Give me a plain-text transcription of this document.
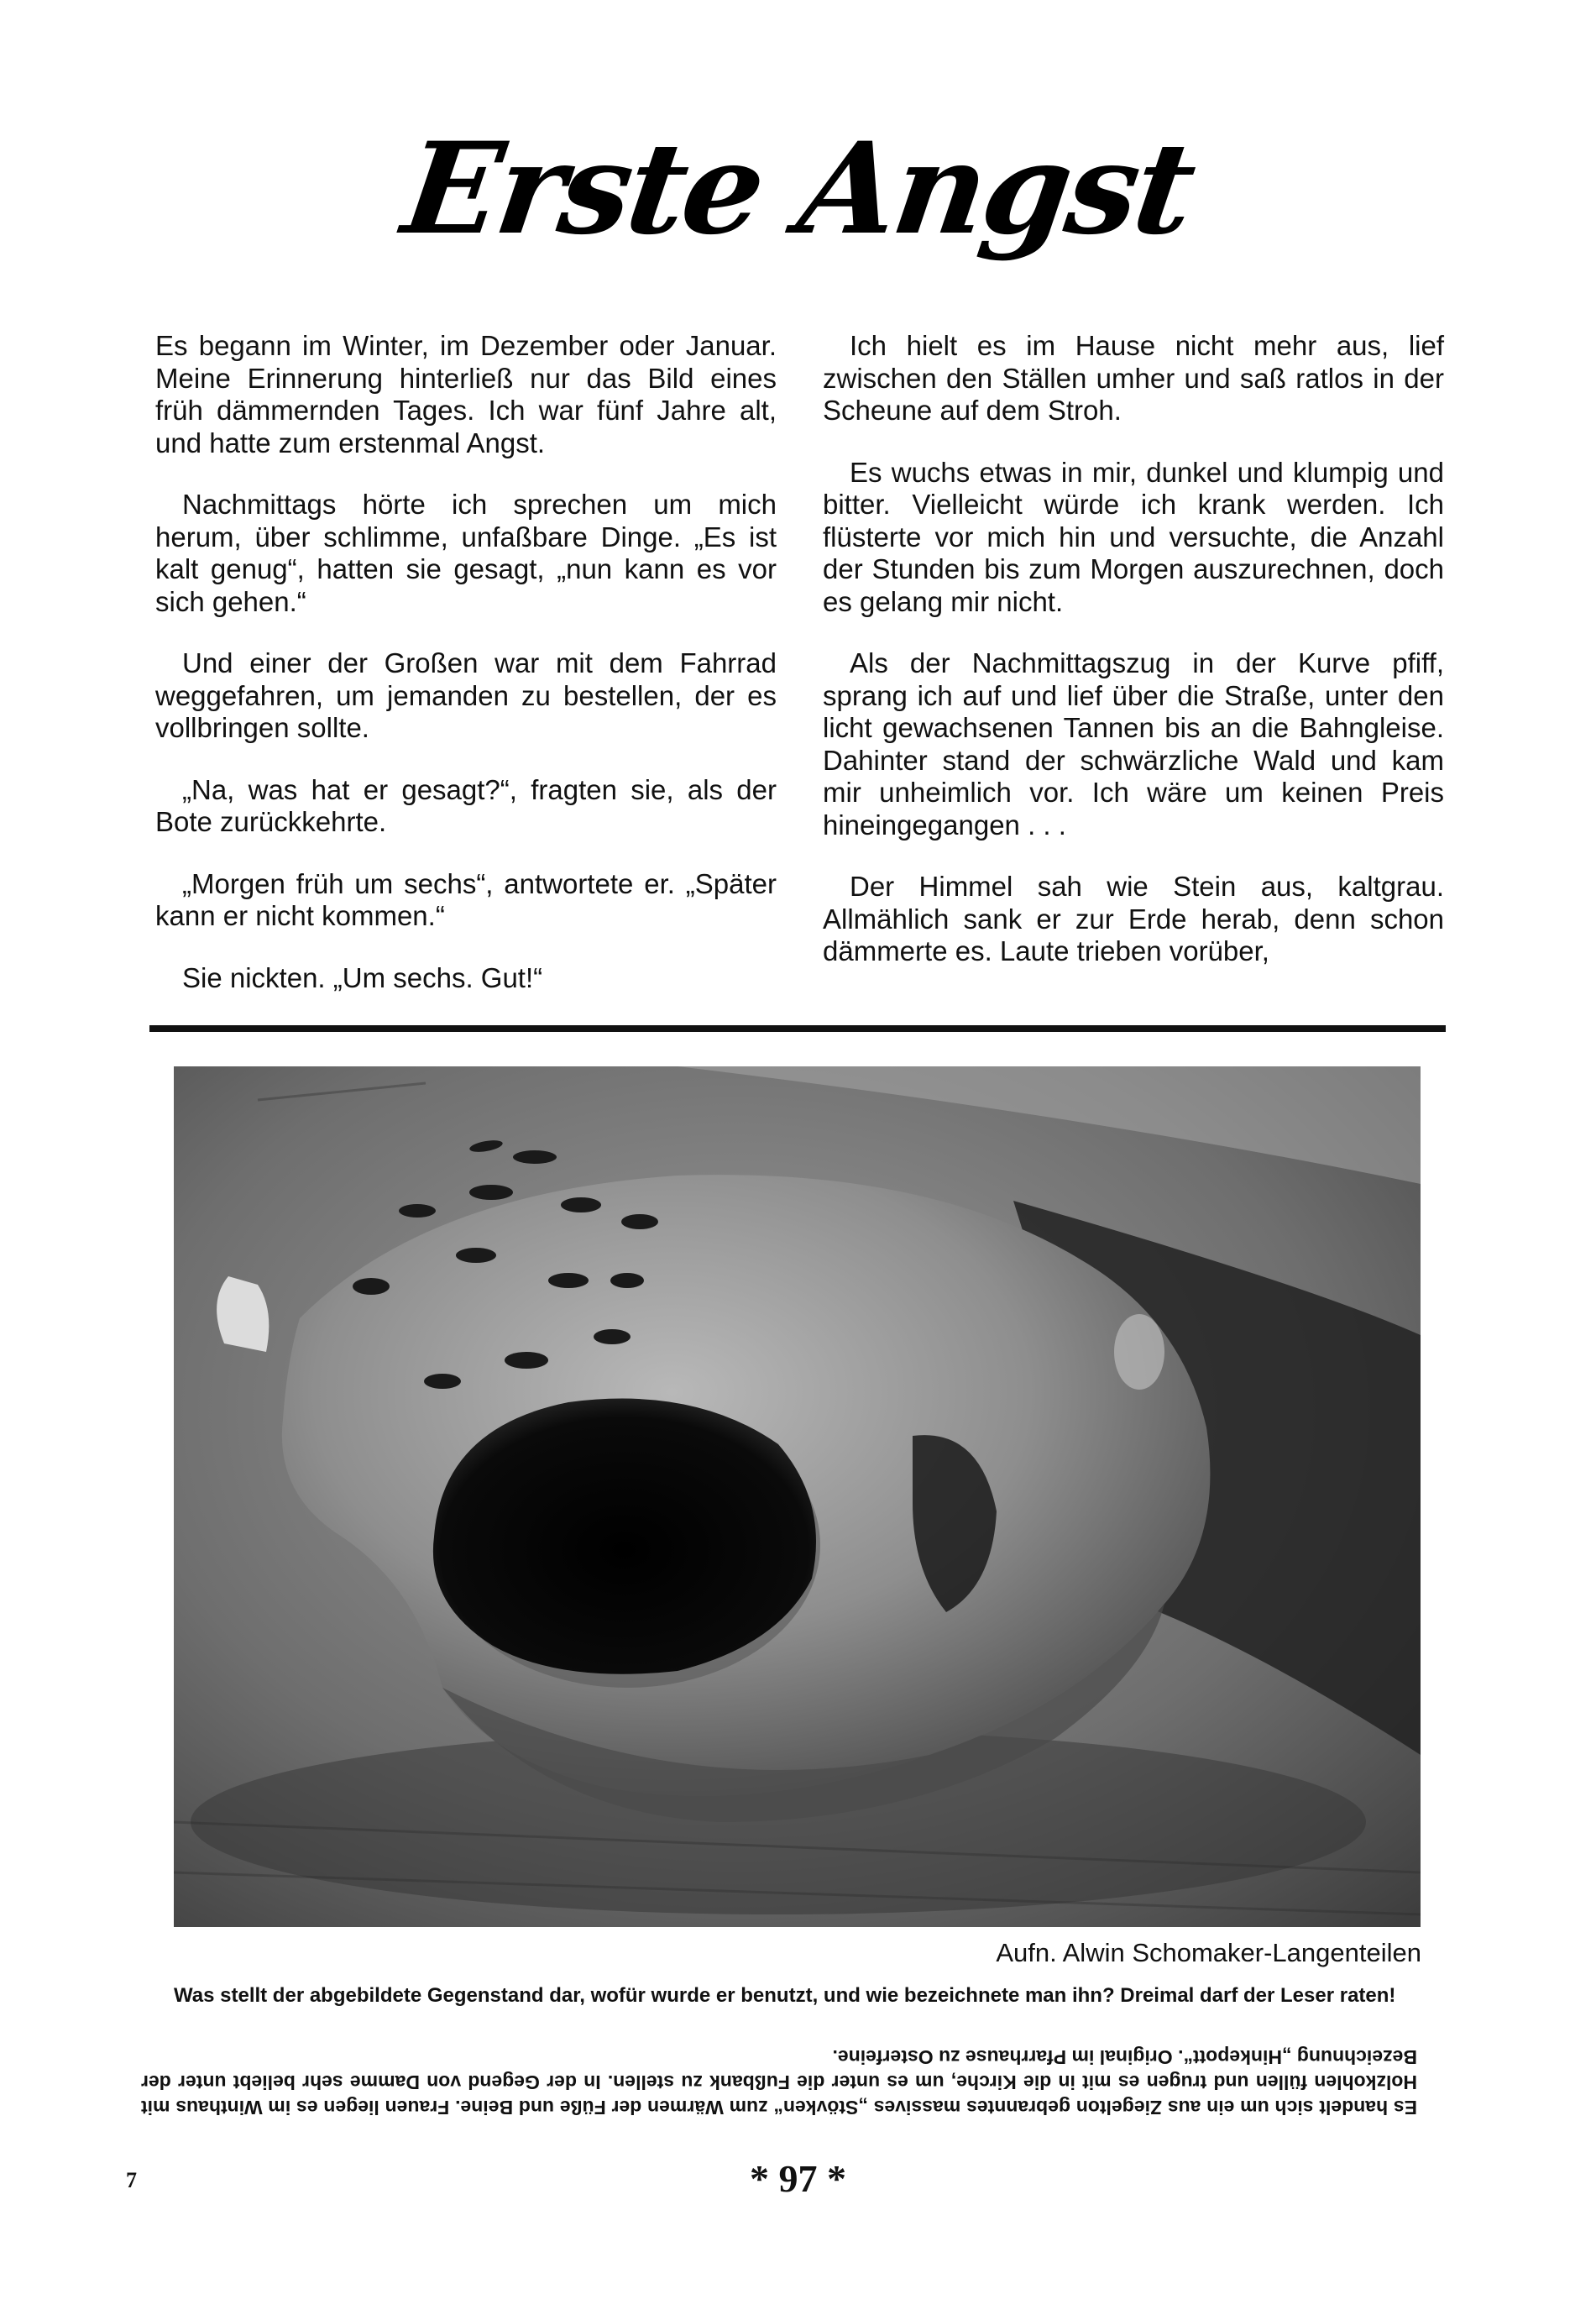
Erste Angst

Es begann im Winter, im Dezember oder Januar. Meine Erinnerung hinterließ nur das Bild eines früh dämmernden Tages. Ich war fünf Jahre alt, und hatte zum erstenmal Angst.

Nachmittags hörte ich sprechen um mich herum, über schlimme, unfaßbare Dinge. „Es ist kalt genug“, hatten sie gesagt, „nun kann es vor sich gehen.“

Und einer der Großen war mit dem Fahrrad weggefahren, um jemanden zu bestellen, der es vollbringen sollte.

„Na, was hat er gesagt?“, fragten sie, als der Bote zurückkehrte.

„Morgen früh um sechs“, antwortete er. „Später kann er nicht kommen.“

Sie nickten. „Um sechs. Gut!“

Ich hielt es im Hause nicht mehr aus, lief zwischen den Ställen umher und saß ratlos in der Scheune auf dem Stroh.

Es wuchs etwas in mir, dunkel und klumpig und bitter. Vielleicht würde ich krank werden. Ich flüsterte vor mich hin und versuchte, die Anzahl der Stunden bis zum Morgen auszurechnen, doch es gelang mir nicht.

Als der Nachmittagszug in der Kurve pfiff, sprang ich auf und lief über die Straße, unter den licht gewachsenen Tannen bis an die Bahngleise. Dahinter stand der schwärzliche Wald und kam mir unheimlich vor. Ich wäre um keinen Preis hineingegangen . . .

Der Himmel sah wie Stein aus, kaltgrau. Allmählich sank er zur Erde herab, denn schon dämmerte es. Laute trieben vorüber,

Aufn. Alwin Schomaker-Langenteilen
Was stellt der abgebildete Gegenstand dar, wofür wurde er benutzt, und wie bezeichnete man ihn? Dreimal darf der Leser raten!

Es handelt sich um ein aus Ziegelton gebranntes massives „Stövken“ zum Wärmen der Füße und Beine. Frauen liegen es im Winthaus mit Holzkohlen füllen und trugen es mit in die Kirche, um es unter die Fußbank zu stellen. In der Gegend von Damme sehr beliebt unter der Bezeichnung „Hinkepott“. Original im Pfarrhause zu Osterfeine.

7	* 97 *
